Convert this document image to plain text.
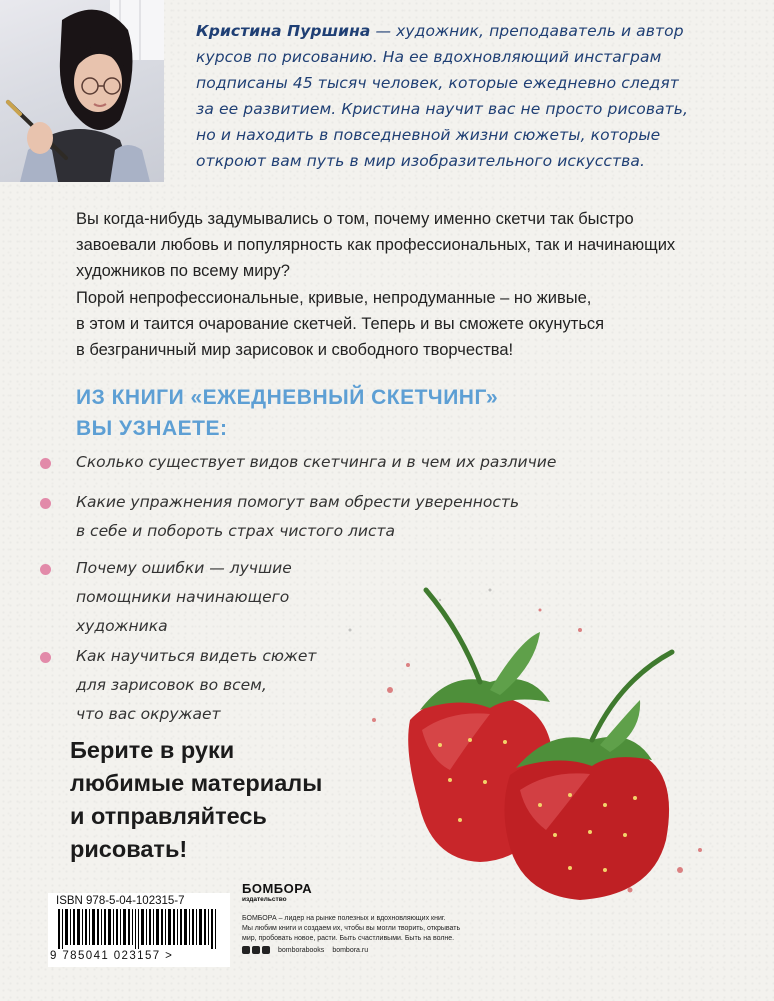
Кристина Пуршина — художник, преподаватель и автор
курсов по рисованию. На ее вдохновляющий инстаграм
подписаны 45 тысяч человек, которые ежедневно следят
за ее развитием. Кристина научит вас не просто рисовать,
но и находить в повседневной жизни сюжеты, которые
откроют вам путь в мир изобразительного искусства.
Вы когда-нибудь задумывались о том, почему именно скетчи так быстро
завоевали любовь и популярность как профессиональных, так и начинающих
художников по всему миру?
Порой непрофессиональные, кривые, непродуманные – но живые,
в этом и таится очарование скетчей. Теперь и вы сможете окунуться
в безграничный мир зарисовок и свободного творчества!
ИЗ КНИГИ «ЕЖЕДНЕВНЫЙ СКЕТЧИНГ»
ВЫ УЗНАЕТЕ:
Сколько существует видов скетчинга и в чем их различие
Какие упражнения помогут вам обрести уверенность
в себе и побороть страх чистого листа
Почему ошибки — лучшие
помощники начинающего
художника
Как научиться видеть сюжет
для зарисовок во всем,
что вас окружает
Берите в руки
любимые материалы
и отправляйтесь
рисовать!
ISBN 978-5-04-102315-7
9 785041 023157 >
БОМБОРА
издательство
БОМБОРА – лидер на рынке полезных и вдохновляющих книг.
Мы любим книги и создаем их, чтобы вы могли творить, открывать
мир, пробовать новое, расти. Быть счастливыми. Быть на волне.
bomborabooks bombora.ru
